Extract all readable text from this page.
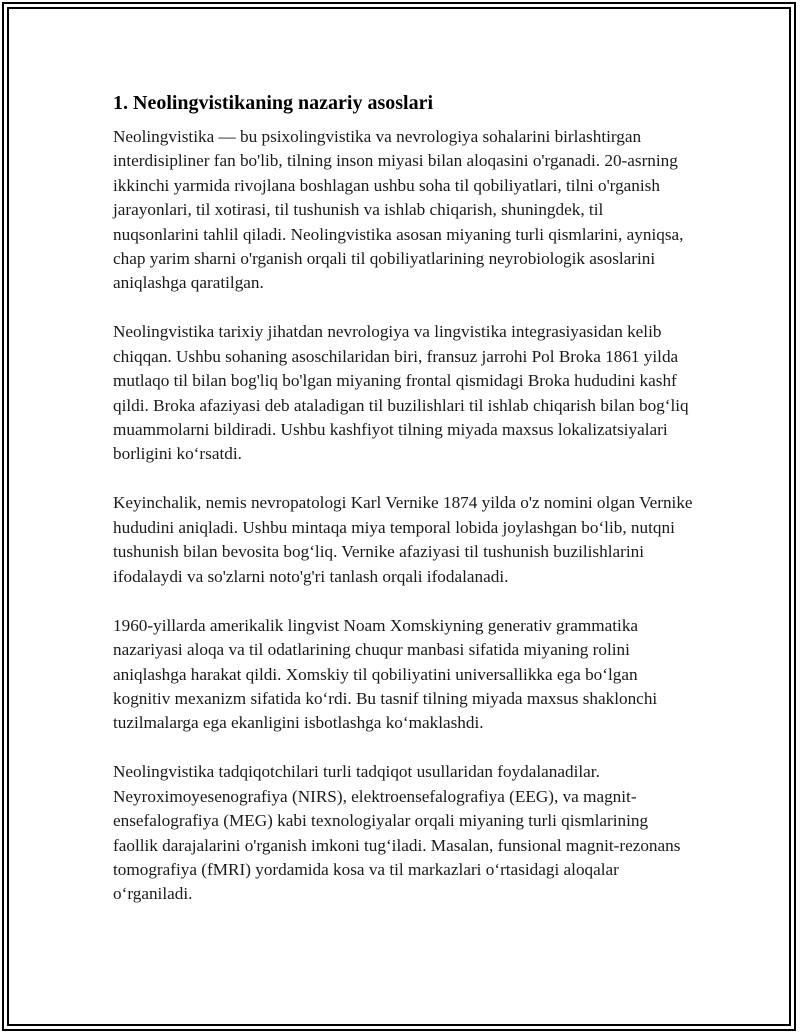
1. Neolingvistikaning nazariy asoslari

Neolingvistika — bu psixolingvistika va nevrologiya sohalarini birlashtirgan interdisipliner fan bo'lib, tilning inson miyasi bilan aloqasini o'rganadi. 20-asrning ikkinchi yarmida rivojlana boshlagan ushbu soha til qobiliyatlari, tilni o'rganish jarayonlari, til xotirasi, til tushunish va ishlab chiqarish, shuningdek, til nuqsonlarini tahlil qiladi. Neolingvistika asosan miyaning turli qismlarini, ayniqsa, chap yarim sharni o'rganish orqali til qobiliyatlarining neyrobiologik asoslarini aniqlashga qaratilgan.

Neolingvistika tarixiy jihatdan nevrologiya va lingvistika integrasiyasidan kelib chiqqan. Ushbu sohaning asoschilaridan biri, fransuz jarrohi Pol Broka 1861 yilda mutlaqo til bilan bog'liq bo'lgan miyaning frontal qismidagi Broka hududini kashf qildi. Broka afaziyasi deb ataladigan til buzilishlari til ishlab chiqarish bilan bog‘liq muammolarni bildiradi. Ushbu kashfiyot tilning miyada maxsus lokalizatsiyalari borligini ko‘rsatdi.

Keyinchalik, nemis nevropatologi Karl Vernike 1874 yilda o'z nomini olgan Vernike hududini aniqladi. Ushbu mintaqa miya temporal lobida joylashgan bo‘lib, nutqni tushunish bilan bevosita bog‘liq. Vernike afaziyasi til tushunish buzilishlarini ifodalaydi va so'zlarni noto'g'ri tanlash orqali ifodalanadi.

1960-yillarda amerikalik lingvist Noam Xomskiyning generativ grammatika nazariyasi aloqa va til odatlarining chuqur manbasi sifatida miyaning rolini aniqlashga harakat qildi. Xomskiy til qobiliyatini universallikka ega bo‘lgan kognitiv mexanizm sifatida ko‘rdi. Bu tasnif tilning miyada maxsus shaklonchi tuzilmalarga ega ekanligini isbotlashga ko‘maklashdi.

Neolingvistika tadqiqotchilari turli tadqiqot usullaridan foydalanadilar. Neyroximoyesenografiya (NIRS), elektroensefalografiya (EEG), va magnit-ensefalografiya (MEG) kabi texnologiyalar orqali miyaning turli qismlarining faollik darajalarini o'rganish imkoni tug‘iladi. Masalan, funsional magnit-rezonans tomografiya (fMRI) yordamida kosa va til markazlari o‘rtasidagi aloqalar o‘rganiladi.
